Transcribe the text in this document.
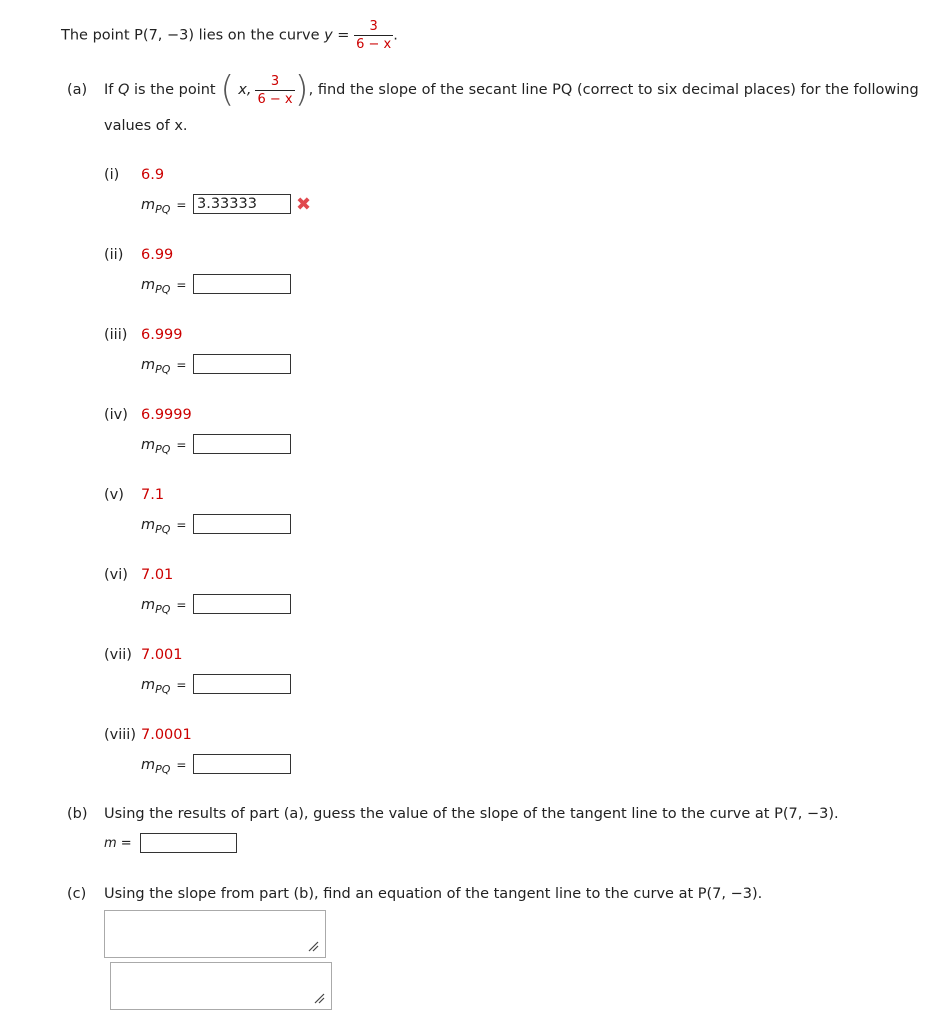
The point P(7, −3) lies on the curve $y = \frac{3}{6 - x}$ .
(a) If
Q is the point ( x, $\frac{3}{6 - x}$ ) , find the slope of the secant line PQ (correct to six decimal places) for the following
values of x.
(i) 6.9
$m_{PQ} = 3.33333$	✖
(ii) 6.99
$m_{PQ}$ =
(iii) 6.999
$m_{PQ}$ =
(iv) 6.9999
$m_{PQ}$ =
(v) 7.1
$m_{PQ}$ =
(vi) 7.01
$m_{PQ}$ =
(vii) 7.001
$m_{PQ}$ =
(viii) 7.0001
$m_{PQ}$ =
(b) Using the results of part (a), guess the value of the slope of the tangent line to the curve at P(7, −3).
m =
(c) Using the slope from part (b), find an equation of the tangent line to the curve at P(7, −3).
